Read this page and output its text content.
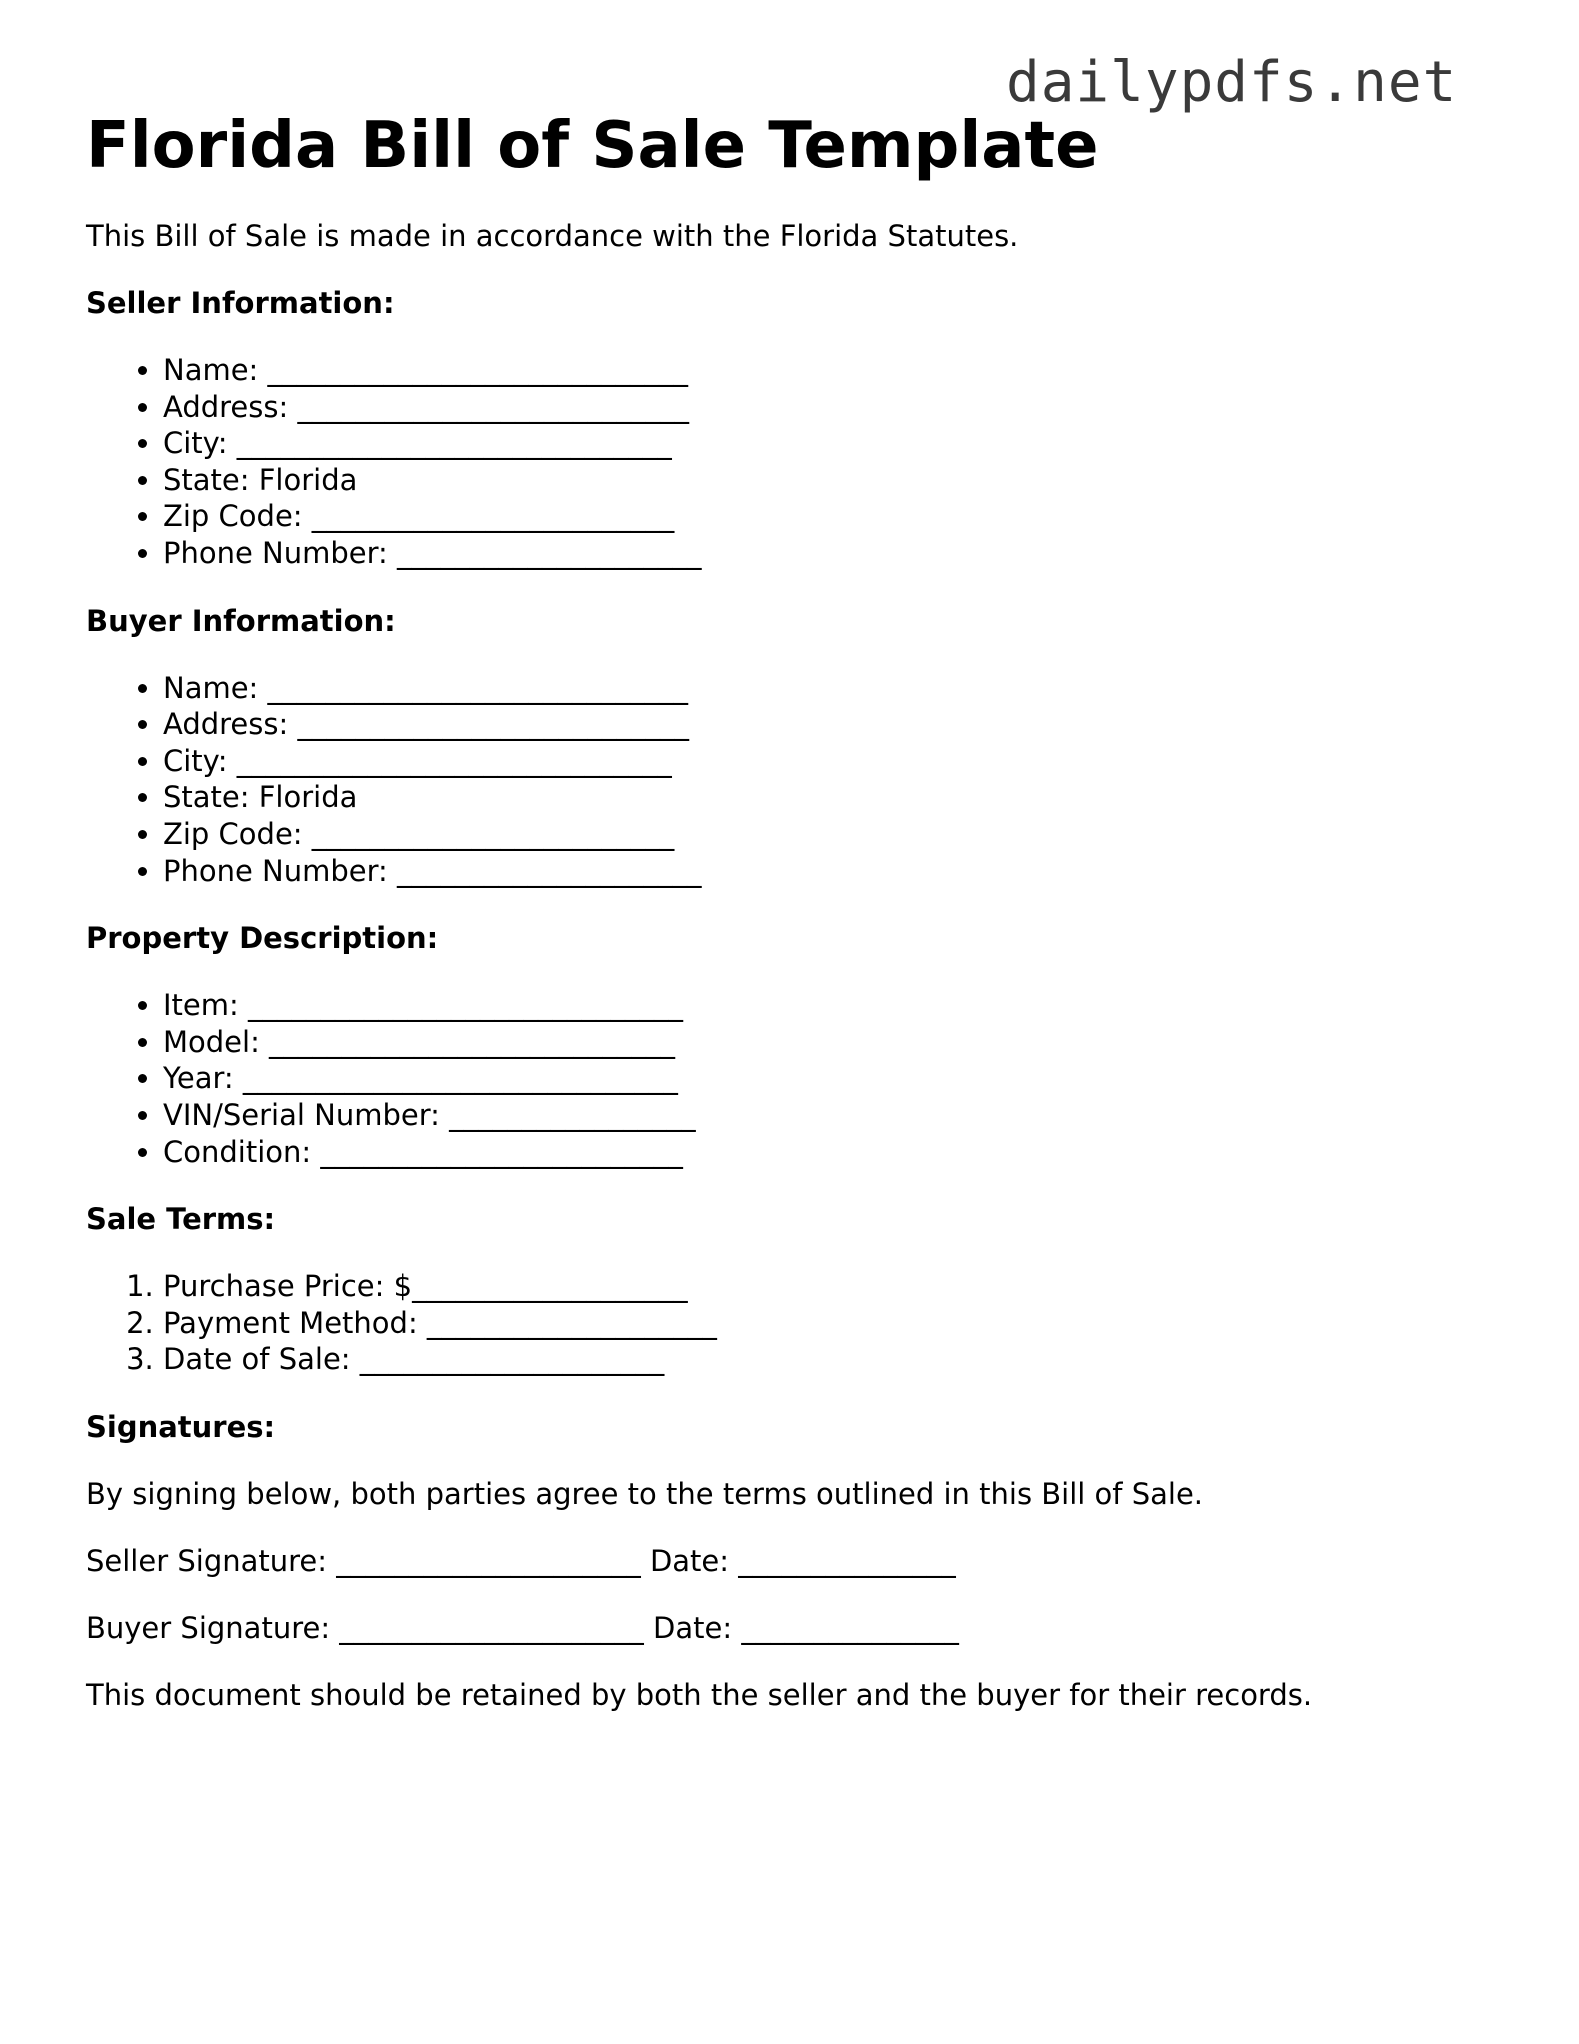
dailypdfs.net
Florida Bill of Sale Template

This Bill of Sale is made in accordance with the Florida Statutes.

Seller Information:
• Name: _____________________________
• Address: ___________________________
• City: ______________________________
• State: Florida
• Zip Code: _________________________
• Phone Number: _____________________
Buyer Information:
• Name: _____________________________
• Address: ___________________________
• City: ______________________________
• State: Florida
• Zip Code: _________________________
• Phone Number: _____________________
Property Description:
• Item: ______________________________
• Model: ____________________________
• Year: ______________________________
• VIN/Serial Number: _________________
• Condition: _________________________
Sale Terms:
1. Purchase Price: $___________________
2. Payment Method: ____________________
3. Date of Sale: _____________________
Signatures:

By signing below, both parties agree to the terms outlined in this Bill of Sale.

Seller Signature: _____________________ Date: _______________

Buyer Signature: _____________________ Date: _______________

This document should be retained by both the seller and the buyer for their records.
